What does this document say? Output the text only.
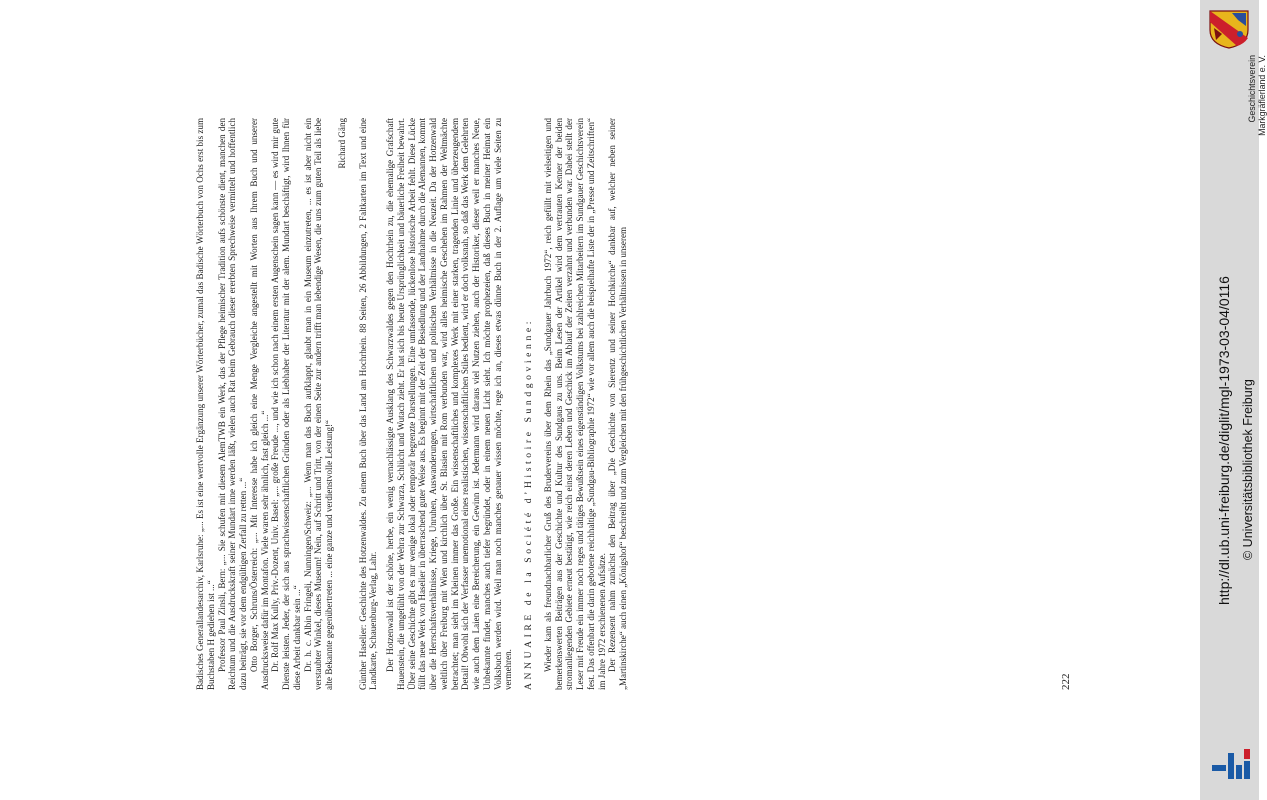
Badisches Generallandesarchiv, Karlsruhe: „... Es ist eine wertvolle Ergänzung unserer Wörterbücher, zumal das Badische Wörterbuch von Ochs erst bis zum Buchstaben H gediehen ist ...“ Professor Paul Zinsli, Bern: „... Sie schufen mit diesem AlemTWB ein Werk, das der Pflege heimischer Tradition aufs schönste dient, manchen den Reichtum und die Ausdruckskraft seiner Mundart inne werden läßt, vielen auch Rat beim Gebrauch dieser ererbten Sprechweise vermittelt und hoffentlich dazu beiträgt, sie vor dem endgültigen Zerfall zu retten ...“ Otto Borger, Schruns/Österreich: „... Mit Interesse habe ich gleich eine Menge Vergleiche angestellt mit Worten aus Ihrem Buch und unserer Ausdrucksweise dafür im Montafon. Viele waren sehr ähnlich, fast gleich ...“ Dr. Rolf Max Kully, Priv.-Dozent, Univ. Basel: „... große Freude ..., und wie ich schon nach einem ersten Augenschein sagen kann — es wird mir gute Dienste leisten. Jeder, der sich aus sprachwissenschaftlichen Gründen oder als Liebhaber der Literatur mit der alem. Mundart beschäftigt, wird Ihnen für diese Arbeit dankbar sein ...“ Dr. h. c. Albin Fringeli, Nunningen/Schweiz: „... Wenn man das Buch aufklappt, glaubt man in ein Museum einzutreten, ... es ist aber nicht ein verstaubter Winkel, dieses Museum! Nein, auf Schritt und Tritt, von der einen Seite zur andern trifft man lebendige Wesen, die uns zum guten Teil als liebe alte Bekannte gegenübertreten ... eine ganze und verdienstvolle Leistung!“

Richard Gäng Günther Haselier: Geschichte des Hotzenwaldes. Zu einem Buch über das Land am Hochrhein. 88 Seiten, 26 Abbildungen, 2 Faltkarten im Text und eine Landkarte, Schauenburg-Verlag, Lahr. Der Hotzenwald ist der schöne, herbe, ein wenig vernachlässigte Ausklang des Schwarzwaldes gegen den Hochrhein zu, die ehemalige Grafschaft Hauenstein, die umgefühlt von der Wehra zur Schwarza, Schlücht und Wutach zieht. Er hat sich bis heute Ursprünglichkeit und bäuerliche Freiheit bewahrt. Über seine Geschichte gibt es nur wenige lokal oder temporär begrenzte Darstellungen. Eine umfassende, lückenlose historische Arbeit fehlt. Diese Lücke füllt das neue Werk von Haselier in überraschend guter Weise aus. Es beginnt mit der Zeit der Besiedlung und der Landnahme durch die Alemannen, kommt über die Herrschaftsverhältnisse, Kriege, Unruhen, Auswanderungen, wirtschaftlichen und politischen Verhältnisse in die Neuzeit. Da der Hotzenwald weltlich über Freiburg mit Wien und kirchlich über St. Blasien mit Rom verbunden war, wird alles heimische Geschehen im Rahmen der Weltmächte betrachtet; man sieht im Kleinen immer das Große. Ein wissenschaftliches und komplexes Werk mit einer starken, tragenden Linie und überzeugendem Detail! Obwohl sich der Verfasser unemotional eines realistischen, wissenschaftlichen Stiles bedient, wird er doch volksnah, so daß das Werk dem Gelehrten wie auch dem Laien eine Bereicherung, ein Gewinn ist. Jedermann wird daraus viel Nutzen ziehen, auch der Historiker, dieser weil er manches Neue, Unbekannte findet, manches auch tiefer begründet, oder in einem neuen Licht sieht. Ich möchte prophezeien, daß dieses Buch in meiner Heimat ein Volksbuch werden wird. Weil man noch manches genauer wissen möchte, rege ich an, dieses etwas dünne Buch in der 2. Auflage um viele Seiten zu vermehren. ANNUAIRE de la Société d’Histoire Sundgovienne: Wieder kam als freundnachbarlicher Gruß des Brudervereins über dem Rhein das „Sundgauer Jahrbuch 1972“, reich gefüllt mit vielseitigen und bemerkenswerten Beiträgen aus der Geschichte und Kultur des Sundgaus zu uns. Beim Lesen der Artikel wird dem vertrauten Kenner der beiden stromanliegenden Gebiete erneut bestätigt, wie reich einst deren Leben und Geschick im Ablauf der Zeiten verzahnt und verbunden war. Dabei stellt der Leser mit Freude ein immer noch reges und tätiges Bewußtsein eines eigenständigen Volkstums bei zahlreichen Mitarbeitern im Sundgauer Geschichtsverein fest. Das offenbart die darin gebotene reichhaltige „Sundgau-Bibliographie 1972“ wie vor allem auch die beispielhafte Liste der in „Presse und Zeitschriften“ im Jahre 1972 erschienenen Aufsätze. Der Rezensent nahm zunächst den Beitrag über „Die Geschichte von Sierentz und seiner Hochkirche“ dankbar auf, welcher neben seiner „Martinskirche“ auch einen „Königshof“ beschreibt und zum Vergleichen mit den frühgeschichtlichen Verhältnissen in unserem	222
Geschichtsverein Markgräflerland e. V.
http://dl.ub.uni-freiburg.de/diglit/mgl-1973-03-04/0116 © Universitätsbibliothek Freiburg
